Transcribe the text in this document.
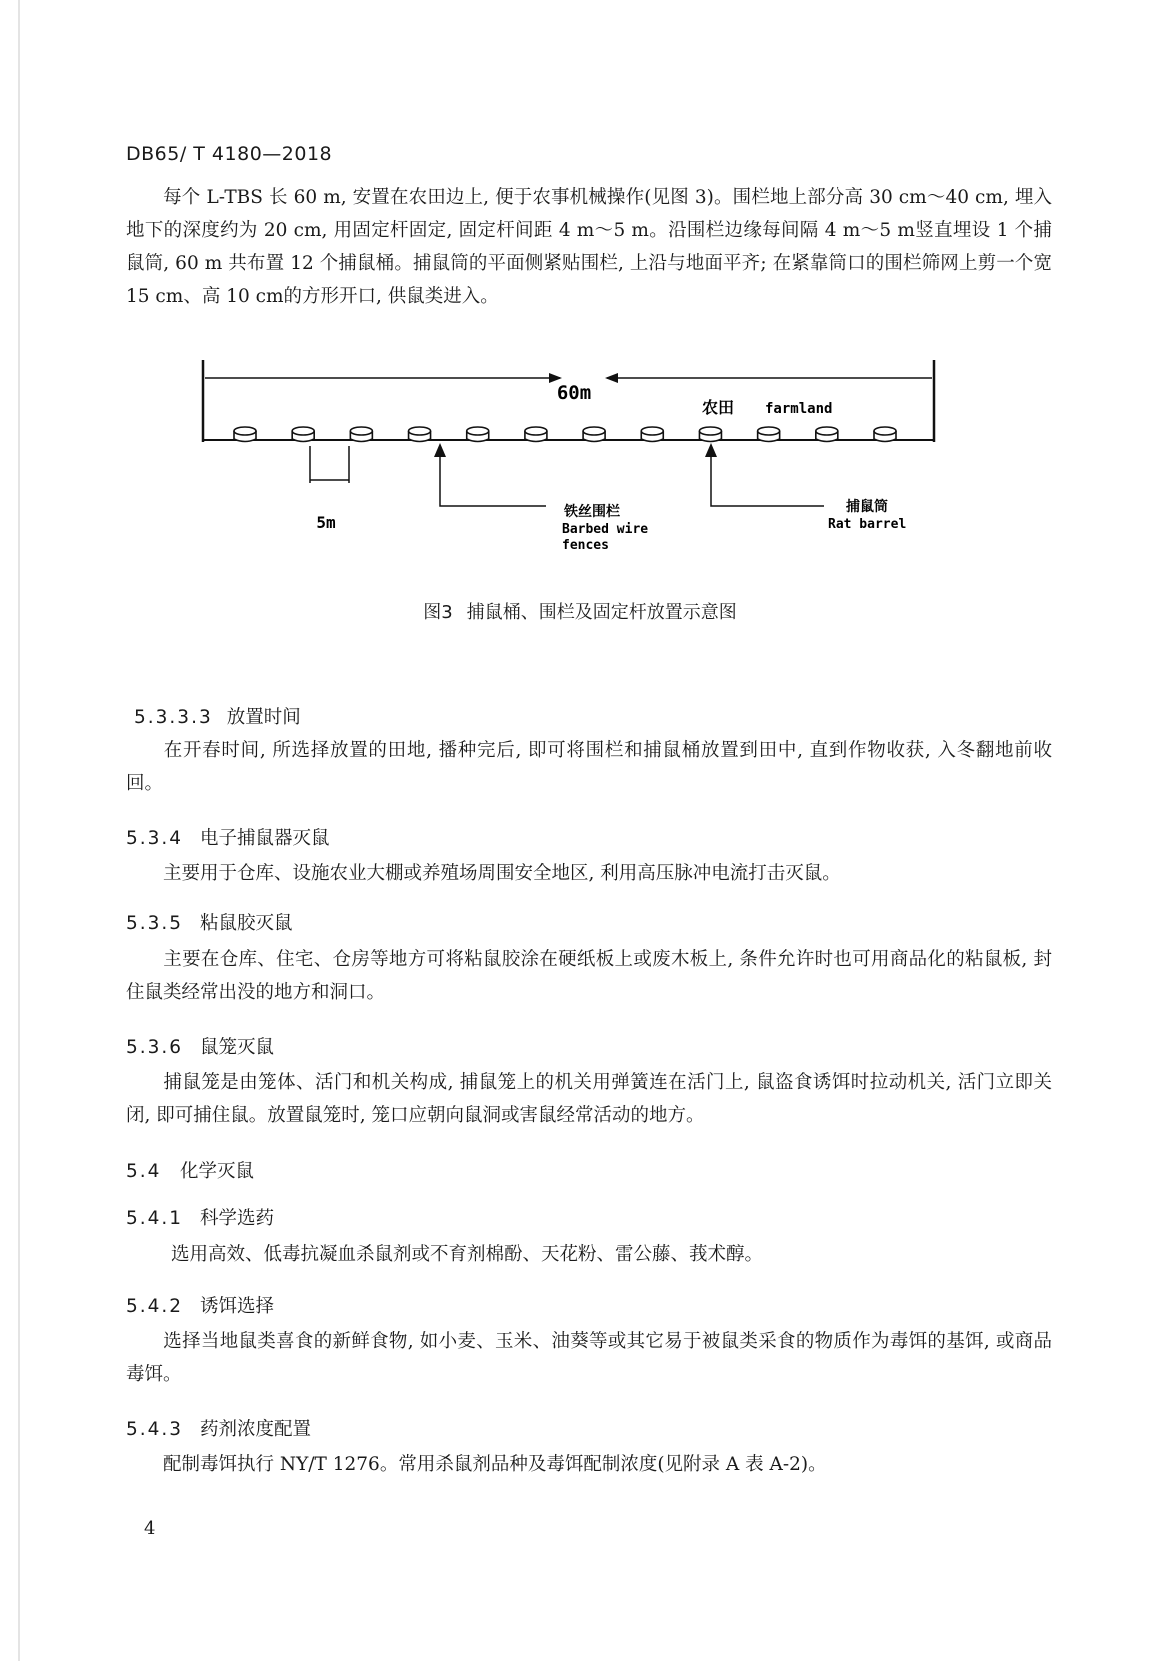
DB65/ T 4180—2018

每个 L-TBS 长 60 m, 安置在农田边上, 便于农事机械操作(见图 3)。围栏地上部分高 30 cm～40 cm, 埋入地下的深度约为 20 cm, 用固定杆固定, 固定杆间距 4 m～5 m。沿围栏边缘每间隔 4 m～5 m竖直埋设 1 个捕鼠筒, 60 m 共布置 12 个捕鼠桶。捕鼠筒的平面侧紧贴围栏, 上沿与地面平齐; 在紧靠筒口的围栏筛网上剪一个宽 15 cm、高 10 cm的方形开口, 供鼠类进入。

60m
农田 farmland
5m
铁丝围栏
Barbed wire
fences
捕鼠筒
Rat barrel
图3 捕鼠桶、围栏及固定杆放置示意图
5.3.3.3 放置时间

在开春时间, 所选择放置的田地, 播种完后, 即可将围栏和捕鼠桶放置到田中, 直到作物收获, 入冬翻地前收回。

5.3.4 电子捕鼠器灭鼠

主要用于仓库、设施农业大棚或养殖场周围安全地区, 利用高压脉冲电流打击灭鼠。

5.3.5 粘鼠胶灭鼠

主要在仓库、住宅、仓房等地方可将粘鼠胶涂在硬纸板上或废木板上, 条件允许时也可用商品化的粘鼠板, 封住鼠类经常出没的地方和洞口。

5.3.6 鼠笼灭鼠

捕鼠笼是由笼体、活门和机关构成, 捕鼠笼上的机关用弹簧连在活门上, 鼠盗食诱饵时拉动机关, 活门立即关闭, 即可捕住鼠。放置鼠笼时, 笼口应朝向鼠洞或害鼠经常活动的地方。

5.4 化学灭鼠
5.4.1 科学选药

选用高效、低毒抗凝血杀鼠剂或不育剂棉酚、天花粉、雷公藤、莪术醇。

5.4.2 诱饵选择

选择当地鼠类喜食的新鲜食物, 如小麦、玉米、油葵等或其它易于被鼠类采食的物质作为毒饵的基饵, 或商品毒饵。

5.4.3 药剂浓度配置

配制毒饵执行 NY/T 1276。常用杀鼠剂品种及毒饵配制浓度(见附录 A 表 A-2)。

4
